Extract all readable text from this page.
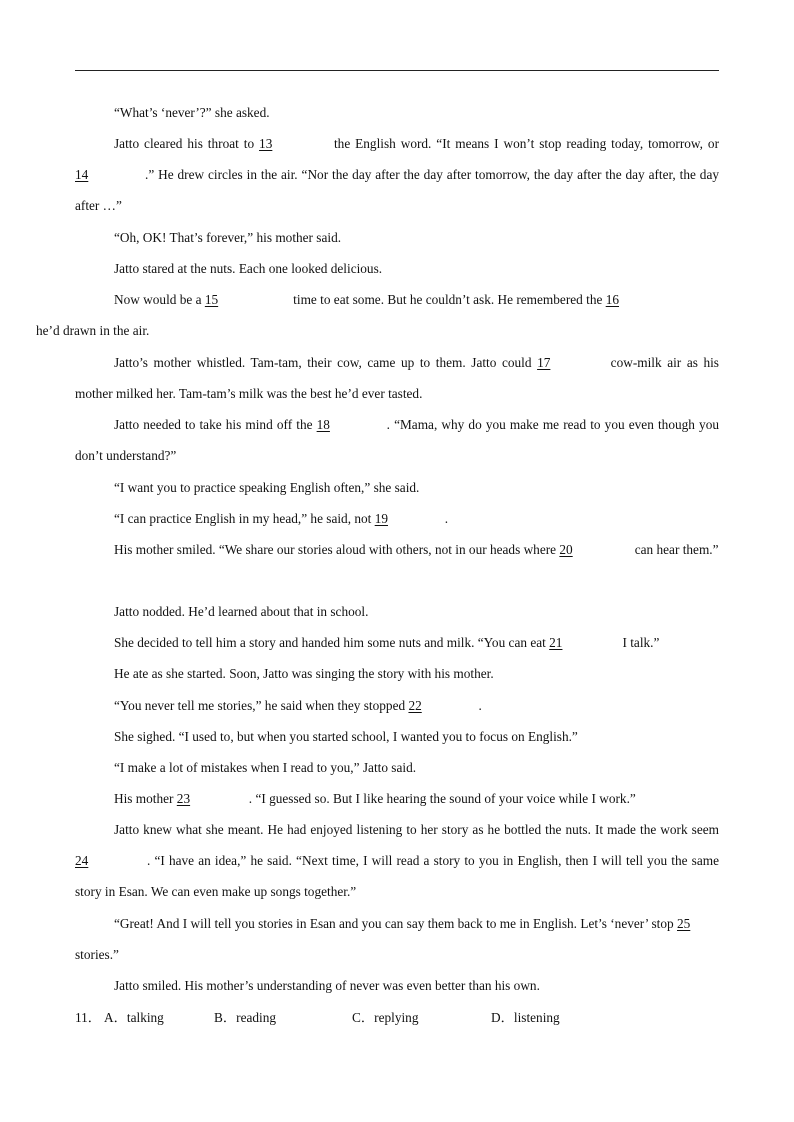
“What’s ‘never’?” she asked.

Jatto cleared his throat to 13	the English word. “It means I won’t stop reading today, tomorrow, or 14	.” He drew circles in the air. “Nor the day after the day after tomorrow, the day after the day after, the day after …”

“Oh, OK! That’s forever,” his mother said.

Jatto stared at the nuts. Each one looked delicious.

Now would be a 15	time to eat some. But he couldn’t ask. He remembered the 16
he’d drawn in the air.

Jatto’s mother whistled. Tam-tam, their cow, came up to them. Jatto could 17	cow-milk air as his mother milked her. Tam-tam’s milk was the best he’d ever tasted.

Jatto needed to take his mind off the 18	. “Mama, why do you make me read to you even though you don’t understand?”

“I want you to practice speaking English often,” she said.

“I can practice English in my head,” he said, not 19	.

His mother smiled. “We share our stories aloud with others, not in our heads where 20	can hear them.”

Jatto nodded. He’d learned about that in school.

She decided to tell him a story and handed him some nuts and milk. “You can eat 21	I talk.”

He ate as she started. Soon, Jatto was singing the story with his mother.

“You never tell me stories,” he said when they stopped 22	.

She sighed. “I used to, but when you started school, I wanted you to focus on English.”

“I make a lot of mistakes when I read to you,” Jatto said.

His mother 23	. “I guessed so. But I like hearing the sound of your voice while I work.”

Jatto knew what she meant. He had enjoyed listening to her story as he bottled the nuts. It made the work seem 24	. “I have an idea,” he said. “Next time, I will read a story to you in English, then I will tell you the same story in Esan. We can even make up songs together.”

“Great! And I will tell you stories in Esan and you can say them back to me in English. Let’s ‘never’ stop 25 stories.”

Jatto smiled. His mother’s understanding of never was even better than his own.

11． A．talking	B．reading	C．replying	D．listening
